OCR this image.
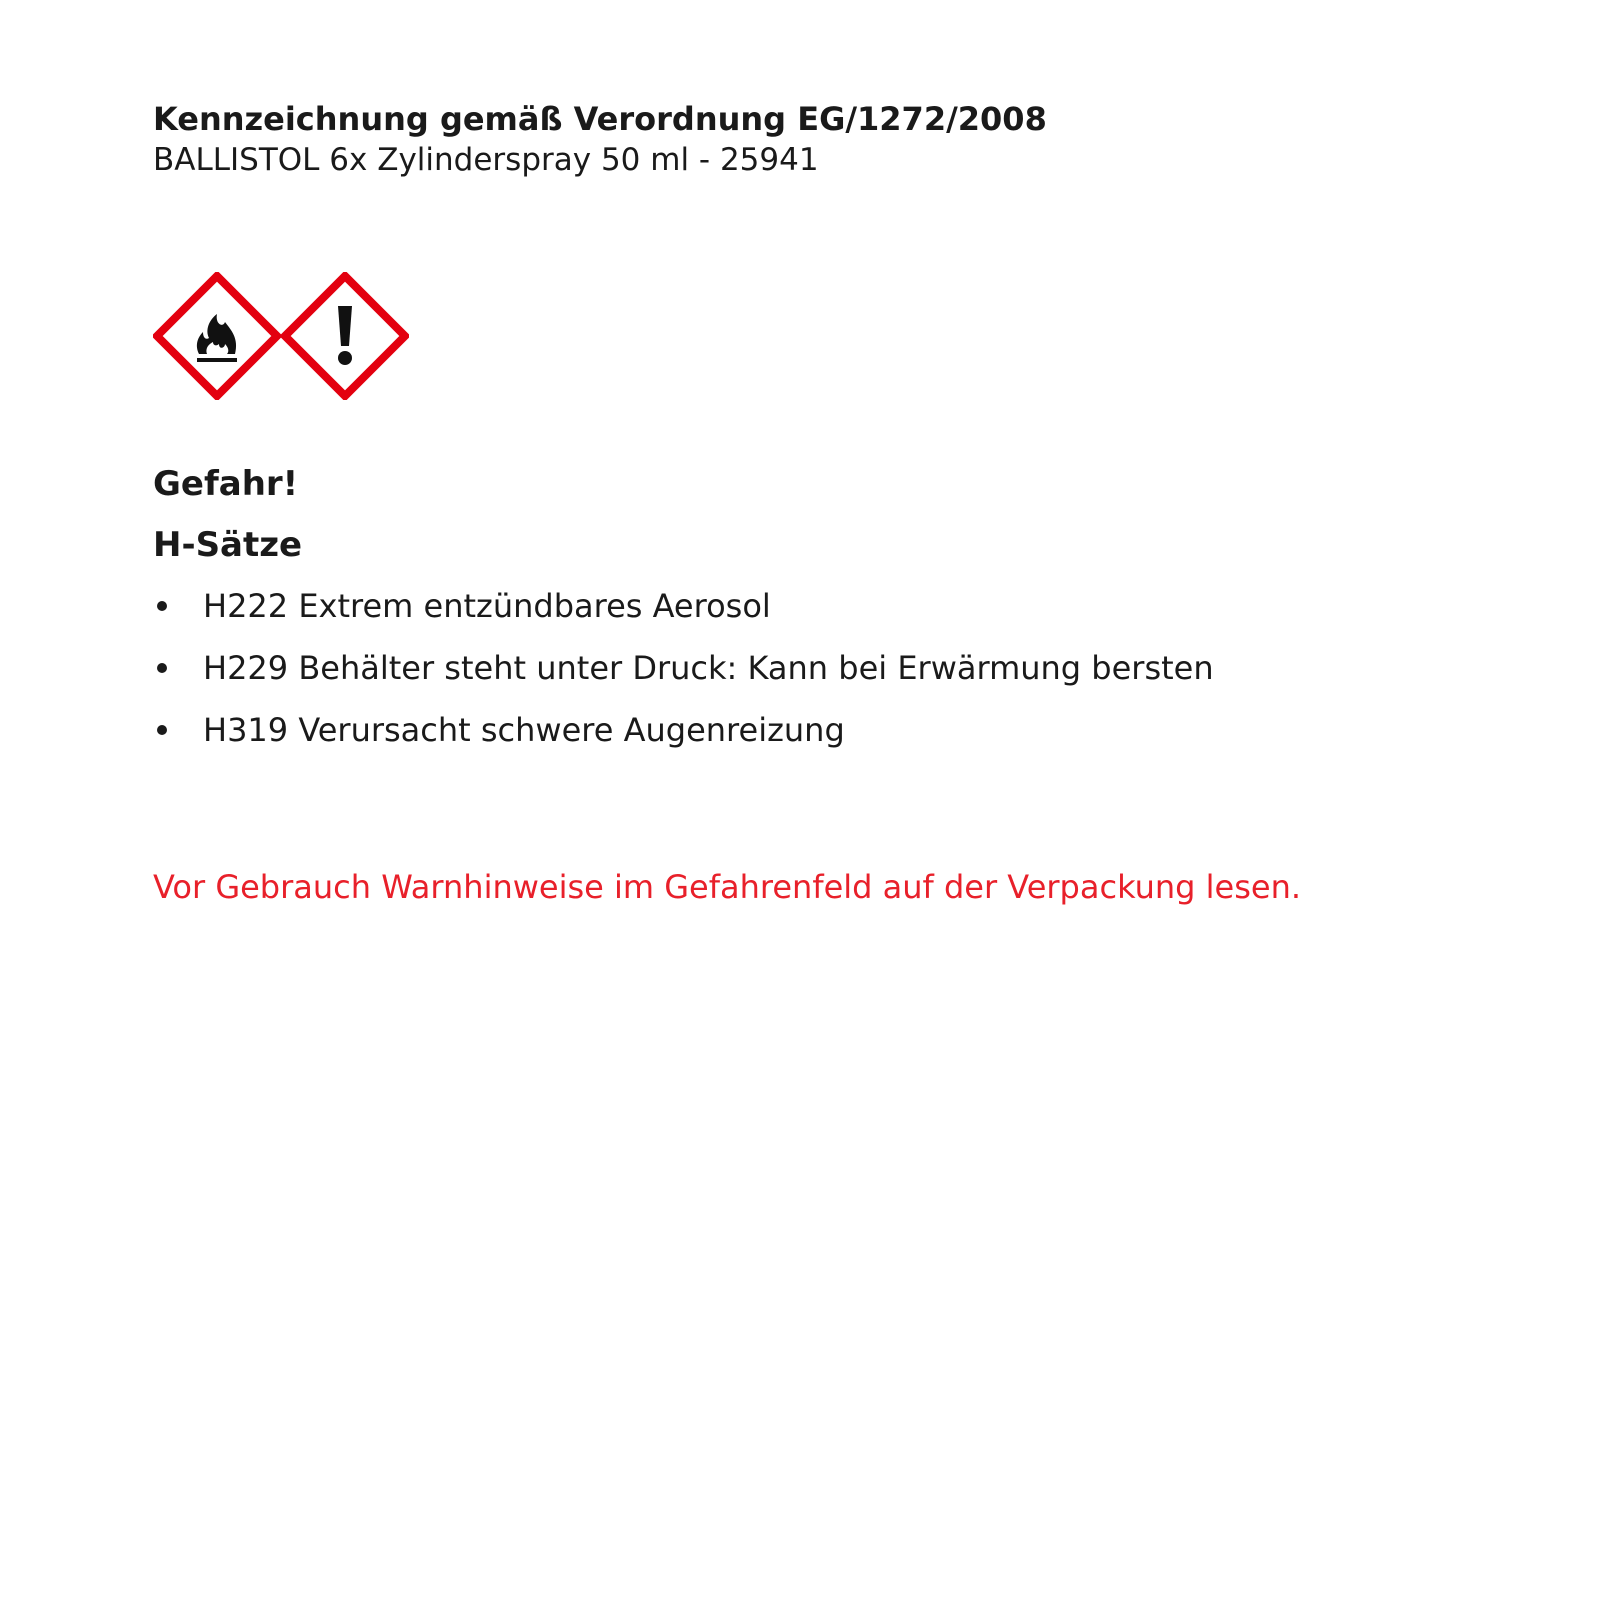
Kennzeichnung gemäß Verordnung EG/1272/2008

BALLISTOL 6x Zylinderspray 50 ml - 25941

Gefahr!
H-Sätze
H222 Extrem entzündbares Aerosol
H229 Behälter steht unter Druck: Kann bei Erwärmung bersten
H319 Verursacht schwere Augenreizung
Vor Gebrauch Warnhinweise im Gefahrenfeld auf der Verpackung lesen.
